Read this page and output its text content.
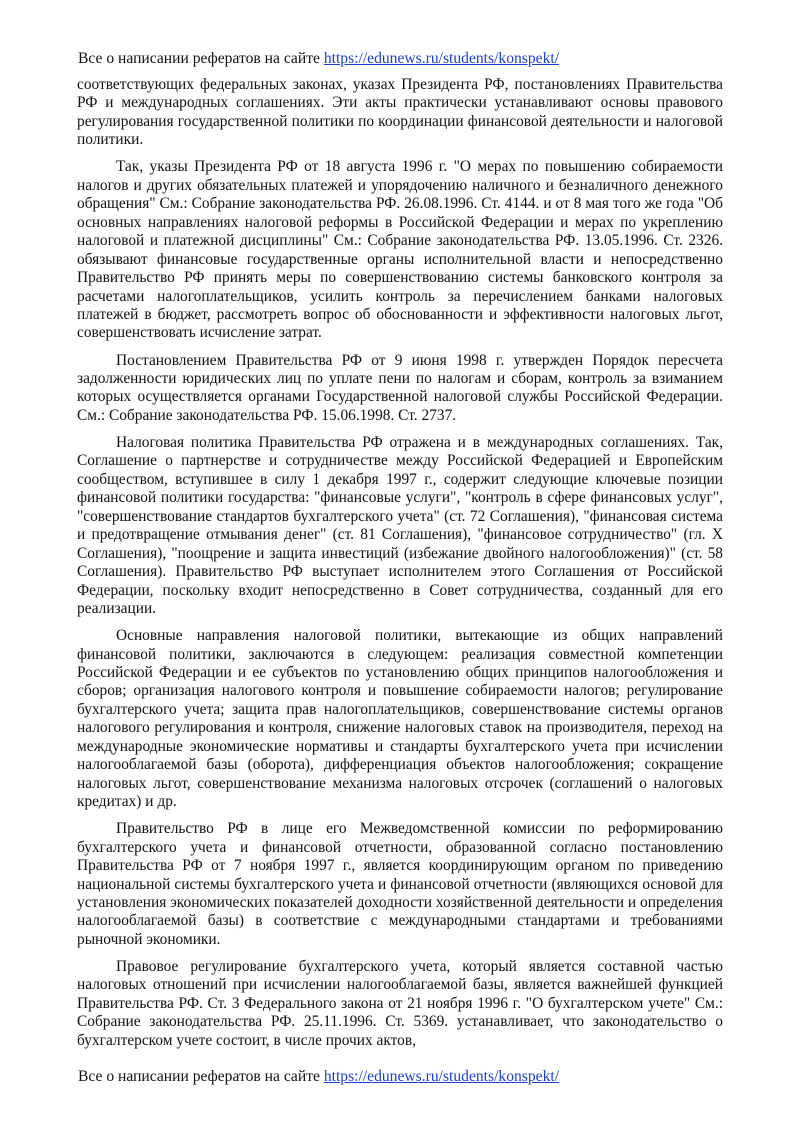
Все о написании рефератов на сайте https://edunews.ru/students/konspekt/

соответствующих федеральных законах, указах Президента РФ, постановлениях Правительства РФ и международных соглашениях. Эти акты практически устанавливают основы правового регулирования государственной политики по координации финансовой деятельности и налоговой политики.

Так, указы Президента РФ от 18 августа 1996 г. "О мерах по повышению собираемости налогов и других обязательных платежей и упорядочению наличного и безналичного денежного обращения" См.: Собрание законодательства РФ. 26.08.1996. Ст. 4144. и от 8 мая того же года "Об основных направлениях налоговой реформы в Российской Федерации и мерах по укреплению налоговой и платежной дисциплины" См.: Собрание законодательства РФ. 13.05.1996. Ст. 2326. обязывают финансовые государственные органы исполнительной власти и непосредственно Правительство РФ принять меры по совершенствованию системы банковского контроля за расчетами налогоплательщиков, усилить контроль за перечислением банками налоговых платежей в бюджет, рассмотреть вопрос об обоснованности и эффективности налоговых льгот, совершенствовать исчисление затрат.

Постановлением Правительства РФ от 9 июня 1998 г. утвержден Порядок пересчета задолженности юридических лиц по уплате пени по налогам и сборам, контроль за взиманием которых осуществляется органами Государственной налоговой службы Российской Федерации. См.: Собрание законодательства РФ. 15.06.1998. Ст. 2737.

Налоговая политика Правительства РФ отражена и в международных соглашениях. Так, Соглашение о партнерстве и сотрудничестве между Российской Федерацией и Европейским сообществом, вступившее в силу 1 декабря 1997 г., содержит следующие ключевые позиции финансовой политики государства: "финансовые услуги", "контроль в сфере финансовых услуг", "совершенствование стандартов бухгалтерского учета" (ст. 72 Соглашения), "финансовая система и предотвращение отмывания денег" (ст. 81 Соглашения), "финансовое сотрудничество" (гл. X Соглашения), "поощрение и защита инвестиций (избежание двойного налогообложения)" (ст. 58 Соглашения). Правительство РФ выступает исполнителем этого Соглашения от Российской Федерации, поскольку входит непосредственно в Совет сотрудничества, созданный для его реализации.

Основные направления налоговой политики, вытекающие из общих направлений финансовой политики, заключаются в следующем: реализация совместной компетенции Российской Федерации и ее субъектов по установлению общих принципов налогообложения и сборов; организация налогового контроля и повышение собираемости налогов; регулирование бухгалтерского учета; защита прав налогоплательщиков, совершенствование системы органов налогового регулирования и контроля, снижение налоговых ставок на производителя, переход на международные экономические нормативы и стандарты бухгалтерского учета при исчислении налогооблагаемой базы (оборота), дифференциация объектов налогообложения; сокращение налоговых льгот, совершенствование механизма налоговых отсрочек (соглашений о налоговых кредитах) и др.

Правительство РФ в лице его Межведомственной комиссии по реформированию бухгалтерского учета и финансовой отчетности, образованной согласно постановлению Правительства РФ от 7 ноября 1997 г., является координирующим органом по приведению национальной системы бухгалтерского учета и финансовой отчетности (являющихся основой для установления экономических показателей доходности хозяйственной деятельности и определения налогооблагаемой базы) в соответствие с международными стандартами и требованиями рыночной экономики.

Правовое регулирование бухгалтерского учета, который является составной частью налоговых отношений при исчислении налогооблагаемой базы, является важнейшей функцией Правительства РФ. Ст. 3 Федерального закона от 21 ноября 1996 г. "О бухгалтерском учете" См.: Собрание законодательства РФ. 25.11.1996. Ст. 5369. устанавливает, что законодательство о бухгалтерском учете состоит, в числе прочих актов,

Все о написании рефератов на сайте https://edunews.ru/students/konspekt/
